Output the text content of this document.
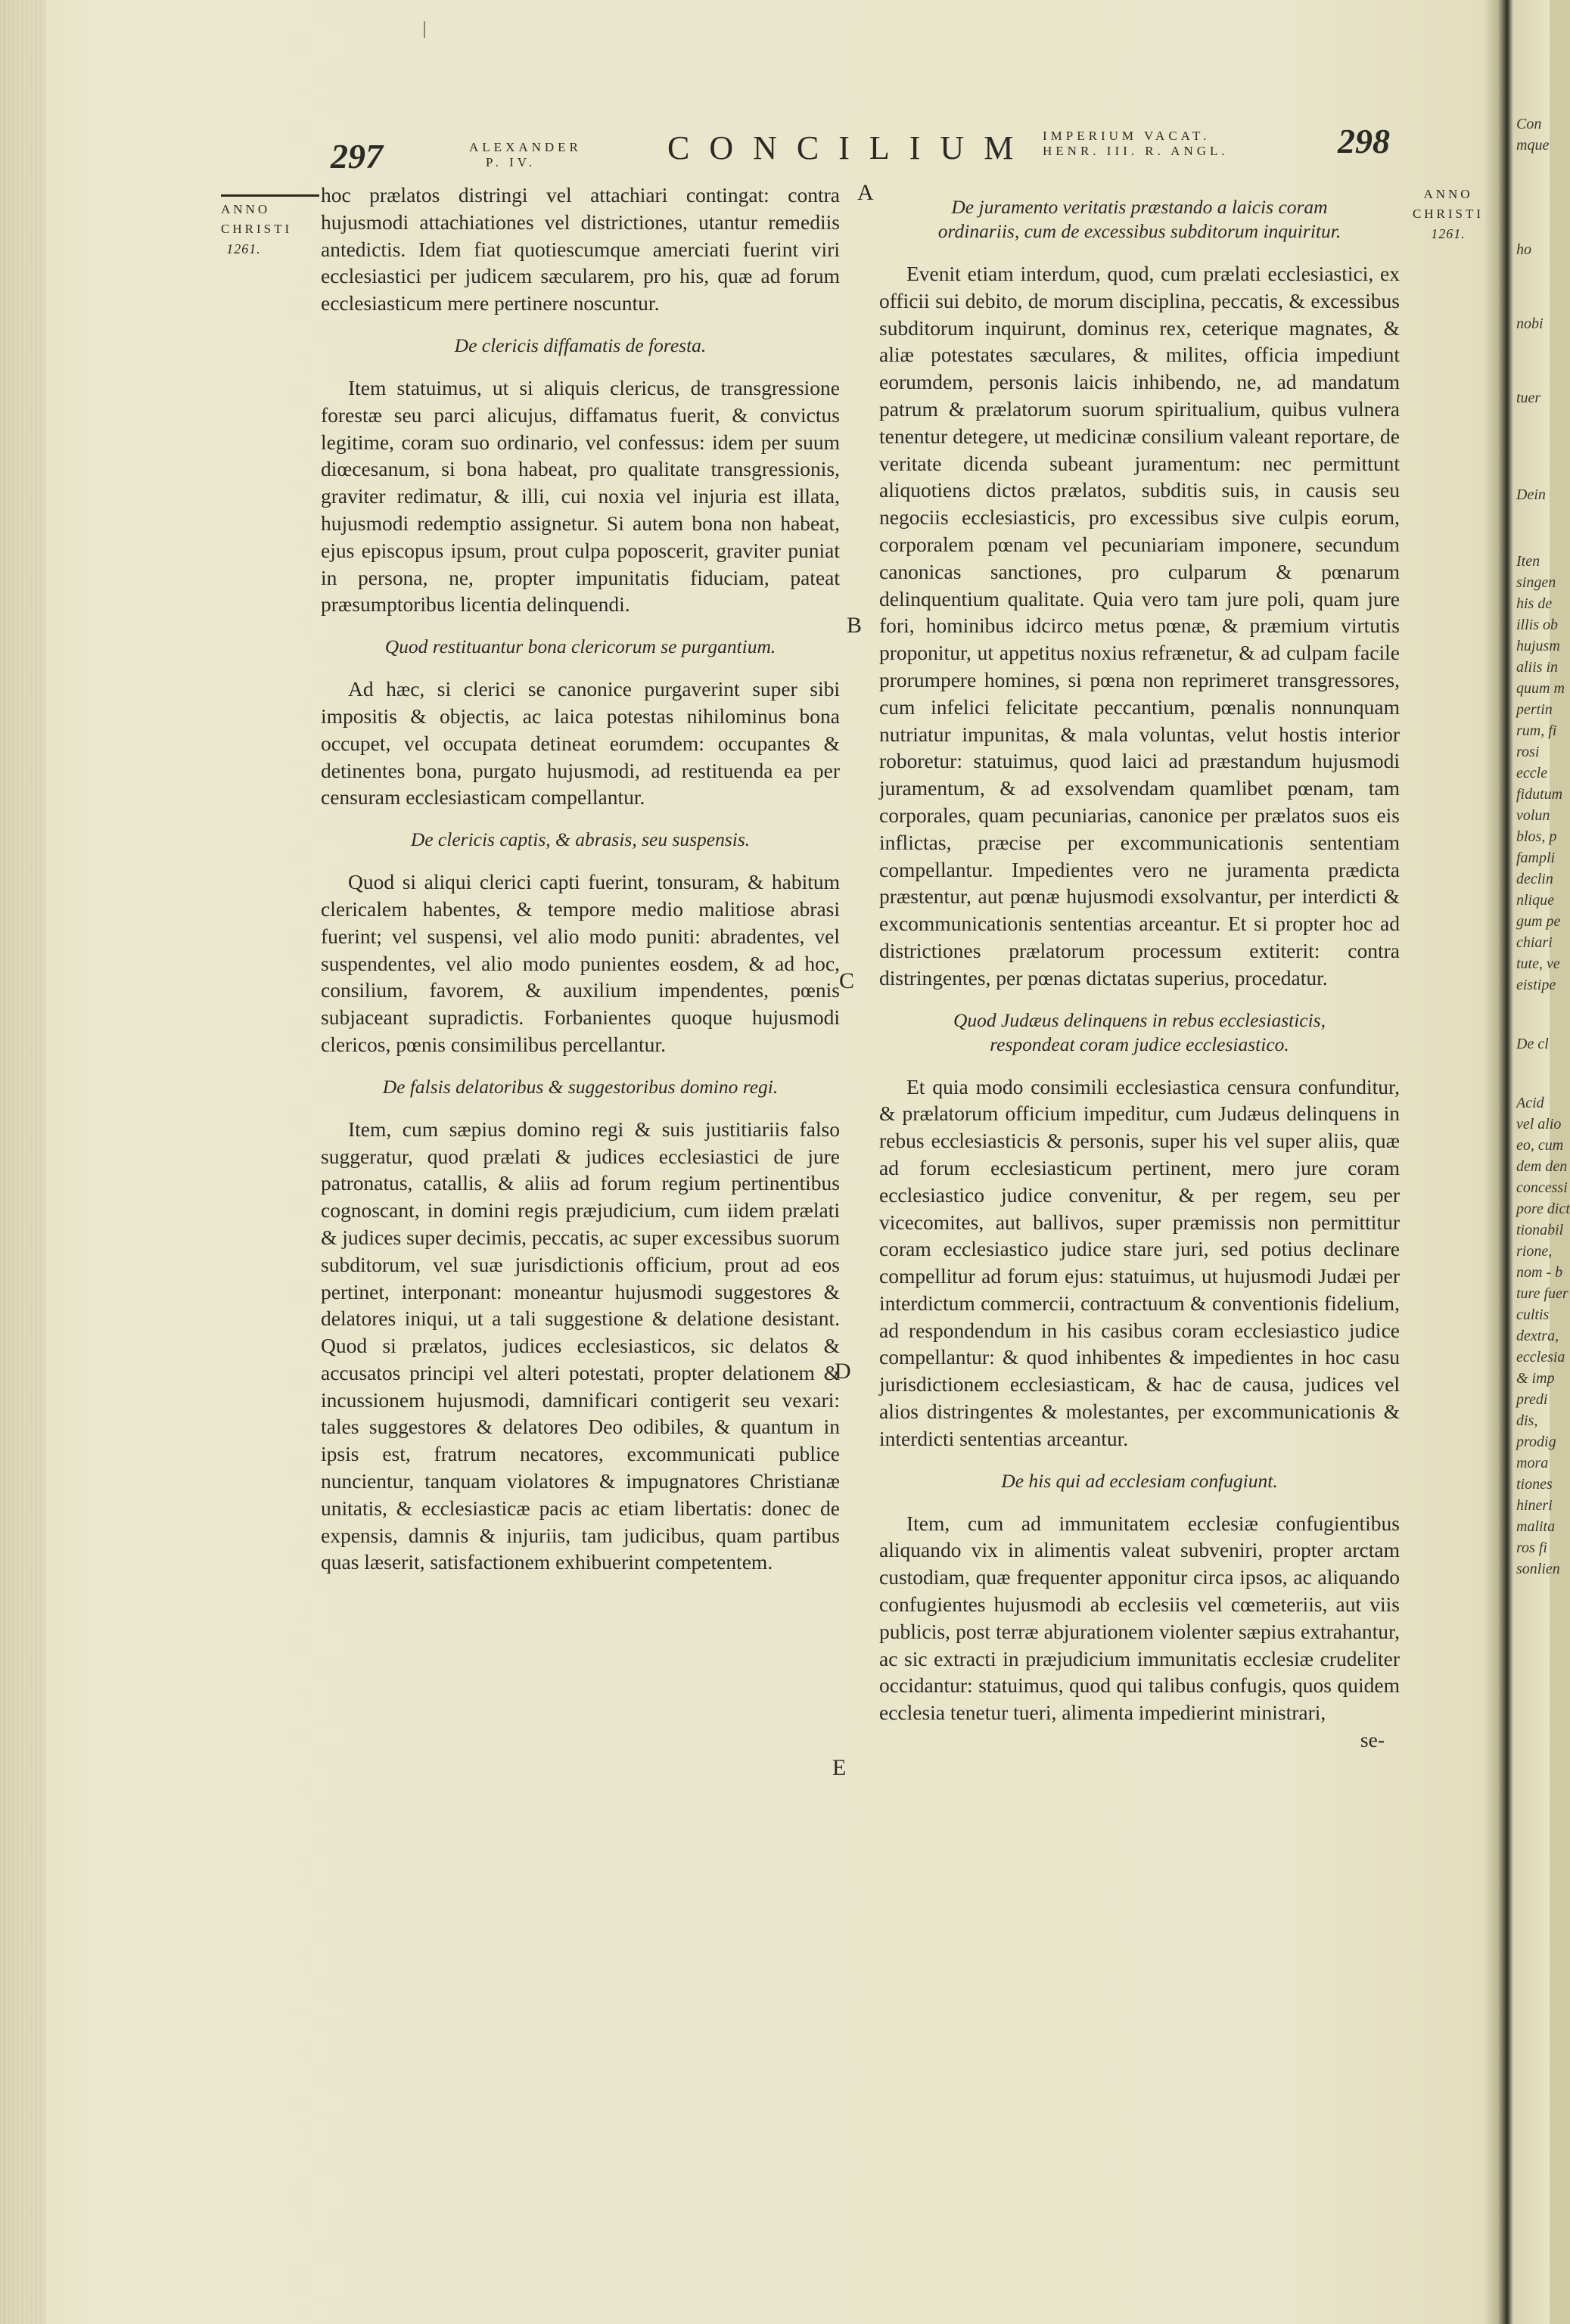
297	ALEXANDER
P. IV.	CONCILIUM IMPERIUM VACAT.
HENR. III. R. ANGL.	298
ANNO
CHRISTI
1261.
ANNO
CHRISTI
1261.
A
B
C
D
E

hoc prælatos distringi vel attachiari contingat: contra hujusmodi attachiationes vel districtiones, utantur remediis antedictis. Idem fiat quotiescumque amerciati fuerint viri ecclesiastici per judicem sæcularem, pro his, quæ ad forum ecclesiasticum mere pertinere noscuntur.

De clericis diffamatis de foresta.

Item statuimus, ut si aliquis clericus, de transgressione forestæ seu parci alicujus, diffamatus fuerit, & convictus legitime, coram suo ordinario, vel confessus: idem per suum diœcesanum, si bona habeat, pro qualitate transgressionis, graviter redimatur, & illi, cui noxia vel injuria est illata, hujusmodi redemptio assignetur. Si autem bona non habeat, ejus episcopus ipsum, prout culpa poposcerit, graviter puniat in persona, ne, propter impunitatis fiduciam, pateat præsumptoribus licentia delinquendi.

Quod restituantur bona clericorum se purgantium.

Ad hæc, si clerici se canonice purgaverint super sibi impositis & objectis, ac laica potestas nihilominus bona occupet, vel occupata detineat eorumdem: occupantes & detinentes bona, purgato hujusmodi, ad restituenda ea per censuram ecclesiasticam compellantur.

De clericis captis, & abrasis, seu suspensis.

Quod si aliqui clerici capti fuerint, tonsuram, & habitum clericalem habentes, & tempore medio malitiose abrasi fuerint; vel suspensi, vel alio modo puniti: abradentes, vel suspendentes, vel alio modo punientes eosdem, & ad hoc, consilium, favorem, & auxilium impendentes, pœnis subjaceant supradictis. Forbanientes quoque hujusmodi clericos, pœnis consimilibus percellantur.

De falsis delatoribus & suggestoribus domino regi.

Item, cum sæpius domino regi & suis justitiariis falso suggeratur, quod prælati & judices ecclesiastici de jure patronatus, catallis, & aliis ad forum regium pertinentibus cognoscant, in domini regis præjudicium, cum iidem prælati & judices super decimis, peccatis, ac super excessibus suorum subditorum, vel suæ jurisdictionis officium, prout ad eos pertinet, interponant: moneantur hujusmodi suggestores & delatores iniqui, ut a tali suggestione & delatione desistant. Quod si prælatos, judices ecclesiasticos, sic delatos & accusatos principi vel alteri potestati, propter delationem & incussionem hujusmodi, damnificari contigerit seu vexari: tales suggestores & delatores Deo odibiles, & quantum in ipsis est, fratrum necatores, excommunicati publice nuncientur, tanquam violatores & impugnatores Christianæ unitatis, & ecclesiasticæ pacis ac etiam libertatis: donec de expensis, damnis & injuriis, tam judicibus, quam partibus quas læserit, satisfactionem exhibuerint competentem.

De juramento veritatis præstando a laicis coram ordinariis, cum de excessibus subditorum inquiritur.

Evenit etiam interdum, quod, cum prælati ecclesiastici, ex officii sui debito, de morum disciplina, peccatis, & excessibus subditorum inquirunt, dominus rex, ceterique magnates, & aliæ potestates sæculares, & milites, officia impediunt eorumdem, personis laicis inhibendo, ne, ad mandatum patrum & prælatorum suorum spiritualium, quibus vulnera tenentur detegere, ut medicinæ consilium valeant reportare, de veritate dicenda subeant juramentum: nec permittunt aliquotiens dictos prælatos, subditis suis, in causis seu negociis ecclesiasticis, pro excessibus sive culpis eorum, corporalem pœnam vel pecuniariam imponere, secundum canonicas sanctiones, pro culparum & pœnarum delinquentium qualitate. Quia vero tam jure poli, quam jure fori, hominibus idcirco metus pœnæ, & præmium virtutis proponitur, ut appetitus noxius refrænetur, & ad culpam facile prorumpere homines, si pœna non reprimeret transgressores, cum infelici felicitate peccantium, pœnalis nonnunquam nutriatur impunitas, & mala voluntas, velut hostis interior roboretur: statuimus, quod laici ad præstandum hujusmodi juramentum, & ad exsolvendam quamlibet pœnam, tam corporales, quam pecuniarias, canonice per prælatos suos eis inflictas, præcise per excommunicationis sententiam compellantur. Impedientes vero ne juramenta prædicta præstentur, aut pœnæ hujusmodi exsolvantur, per interdicti & excommunicationis sententias arceantur. Et si propter hoc ad districtiones prælatorum processum extiterit: contra distringentes, per pœnas dictatas superius, procedatur.

Quod Judæus delinquens in rebus ecclesiasticis, respondeat coram judice ecclesiastico.

Et quia modo consimili ecclesiastica censura confunditur, & prælatorum officium impeditur, cum Judæus delinquens in rebus ecclesiasticis & personis, super his vel super aliis, quæ ad forum ecclesiasticum pertinent, mero jure coram ecclesiastico judice convenitur, & per regem, seu per vicecomites, aut ballivos, super præmissis non permittitur coram ecclesiastico judice stare juri, sed potius declinare compellitur ad forum ejus: statuimus, ut hujusmodi Judæi per interdictum commercii, contractuum & conventionis fidelium, ad respondendum in his casibus coram ecclesiastico judice compellantur: & quod inhibentes & impedientes in hoc casu jurisdictionem ecclesiasticam, & hac de causa, judices vel alios distringentes & molestantes, per excommunicationis & interdicti sententias arceantur.

De his qui ad ecclesiam confugiunt.

Item, cum ad immunitatem ecclesiæ confugientibus aliquando vix in alimentis valeat subveniri, propter arctam custodiam, quæ frequenter apponitur circa ipsos, ac aliquando confugientes hujusmodi ab ecclesiis vel cœmeteriis, aut viis publicis, post terræ abjurationem violenter sæpius extrahantur, ac sic extracti in præjudicium immunitatis ecclesiæ crudeliter occidantur: statuimus, quod qui talibus confugis, quos quidem ecclesia tenetur tueri, alimenta impedierint ministrari,

se-
Con
mque
ho
nobi
tuer
Dein
Iten
singen
his de
illis ob
hujusm
aliis in
quum m
pertin
rum, fi
rosi
eccle
fidutum
volun
blos, p
fampli
declin
nlique
gum pe
chiari
tute, ve
eistipe
De cl
Acid
vel alio
eo, cum
dem den
concessi
pore dict
tionabil
rione,
nom - b
ture fuer
cultis
dextra,
ecclesia
& imp
predi
dis,
prodig
mora
tiones
hineri
malita
ros fi
sonlien
